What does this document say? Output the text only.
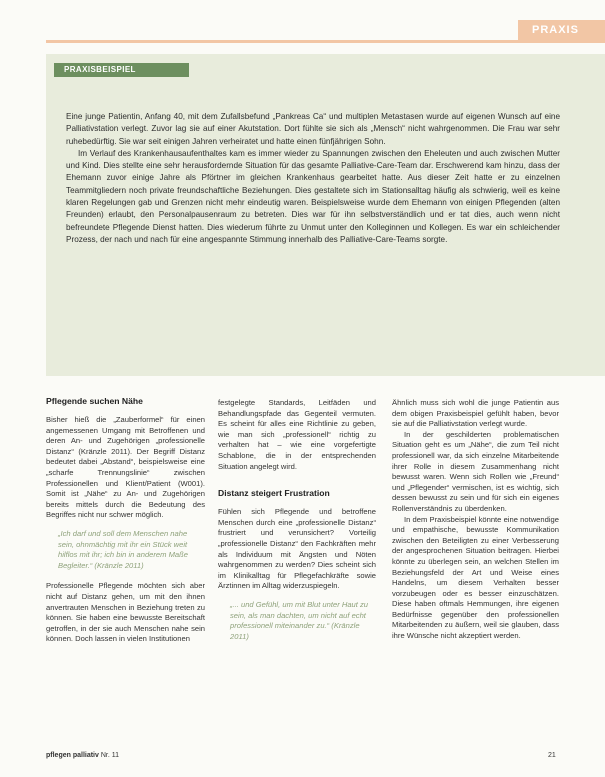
PRAXIS
PRAXISBEISPIEL

Eine junge Patientin, Anfang 40, mit dem Zufallsbefund „Pankreas Ca“ und multiplen Metastasen wurde auf eigenen Wunsch auf eine Palliativstation verlegt. Zuvor lag sie auf einer Akutstation. Dort fühlte sie sich als „Mensch“ nicht wahrgenommen. Die Frau war sehr ruhebedürftig. Sie war seit einigen Jahren verheiratet und hatte einen fünfjährigen Sohn.

Im Verlauf des Krankenhausaufenthaltes kam es immer wieder zu Spannungen zwischen den Eheleuten und auch zwischen Mutter und Kind. Dies stellte eine sehr herausfordernde Situation für das gesamte Palliative-Care-Team dar. Erschwerend kam hinzu, dass der Ehemann zuvor einige Jahre als Pförtner im gleichen Krankenhaus gearbeitet hatte. Aus dieser Zeit hatte er zu einzelnen Teammitgliedern noch private freundschaftliche Beziehungen. Dies gestaltete sich im Stationsalltag häufig als schwierig, weil es keine klaren Regelungen gab und Grenzen nicht mehr eindeutig waren. Beispielsweise wurde dem Ehemann von einigen Pflegenden (alten Freunden) erlaubt, den Personalpausenraum zu betreten. Dies war für ihn selbstverständlich und er tat dies, auch wenn nicht befreundete Pflegende Dienst hatten. Dies wiederum führte zu Unmut unter den Kolleginnen und Kollegen. Es war ein schleichender Prozess, der nach und nach für eine angespannte Stimmung innerhalb des Palliative-Care-Teams sorgte.

Pflegende suchen Nähe

Bisher hieß die „Zauberformel“ für einen angemessenen Umgang mit Betroffenen und deren An- und Zugehörigen „professionelle Distanz“ (Kränzle 2011). Der Begriff Distanz bedeutet dabei „Abstand“, beispielsweise eine „scharfe Trennungslinie“ zwischen Professionellen und Klient/Patient (W001). Somit ist „Nähe“ zu An- und Zugehörigen bereits mittels durch die Bedeutung des Begriffes nicht nur schwer möglich.

„Ich darf und soll dem Menschen nahe sein, ohnmächtig mit ihr ein Stück weit hilflos mit ihr; ich bin in anderem Maße Begleiter.“ (Kränzle 2011)

Professionelle Pflegende möchten sich aber nicht auf Distanz gehen, um mit den ihnen anvertrauten Menschen in Beziehung treten zu können. Sie haben eine bewusste Bereitschaft getroffen, in der sie auch Menschen nahe sein können. Doch lassen in vielen Institutionen

festgelegte Standards, Leitfäden und Behandlungspfade das Gegenteil vermuten. Es scheint für alles eine Richtlinie zu geben, wie man sich „professionell“ richtig zu verhalten hat – wie eine vorgefertigte Schablone, die in der entsprechenden Situation angelegt wird.

Distanz steigert Frustration

Fühlen sich Pflegende und betroffene Menschen durch eine „professionelle Distanz“ frustriert und verunsichert? Vorteilig „professionelle Distanz“ den Fachkräften mehr als Individuum mit Ängsten und Nöten wahrgenommen zu werden? Dies scheint sich im Klinikalltag für Pflegefachkräfte sowie Ärztinnen im Alltag widerzuspiegeln.

„... und Gefühl, um mit Blut unter Haut zu sein, als man dachten, um nicht auf echt professionell miteinander zu.“ (Kränzle 2011)

Ähnlich muss sich wohl die junge Patientin aus dem obigen Praxisbeispiel gefühlt haben, bevor sie auf die Palliativstation verlegt wurde.

In der geschilderten problematischen Situation geht es um „Nähe“, die zum Teil nicht professionell war, da sich einzelne Mitarbeitende ihrer Rolle in diesem Zusammenhang nicht bewusst waren. Wenn sich Rollen wie „Freund“ und „Pflegender“ vermischen, ist es wichtig, sich dessen bewusst zu sein und für sich ein eigenes Rollenverständnis zu überdenken.

In dem Praxisbeispiel könnte eine notwendige und empathische, bewusste Kommunikation zwischen den Beteiligten zu einer Verbesserung der angesprochenen Situation beitragen. Hierbei könnte zu überlegen sein, an welchen Stellen im Beziehungsfeld der Art und Weise eines Handelns, um diesem Verhalten besser vorzubeugen oder es besser einzuschätzen. Diese haben oftmals Hemmungen, ihre eigenen Bedürfnisse gegenüber den professionellen Mitarbeitenden zu äußern, weil sie glauben, dass ihre Wünsche nicht akzeptiert werden.

pflegen palliativ Nr. 11	21
